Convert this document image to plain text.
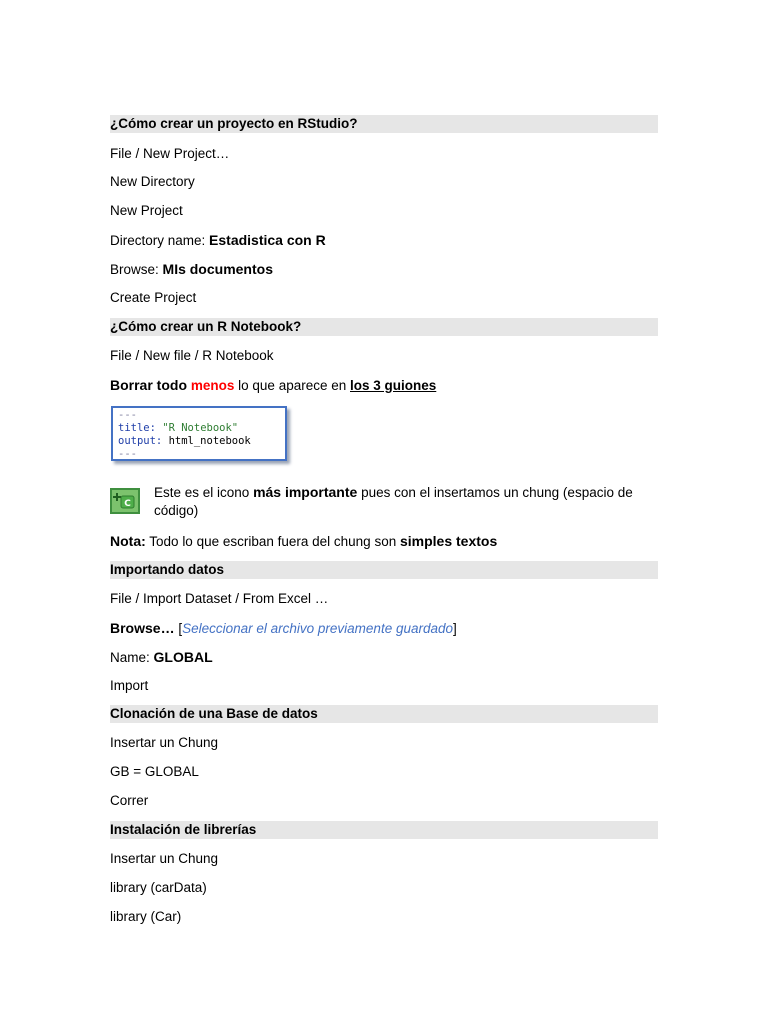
¿Cómo crear un proyecto en RStudio?
File / New Project…
New Directory
New Project
Directory name: Estadistica con R
Browse: MIs documentos
Create Project
¿Cómo crear un R Notebook?
File / New file / R Notebook
Borrar todo menos lo que aparece en los 3 guiones
---
title: "R Notebook"
output: html_notebook
---
C
Este es el icono más importante pues con el insertamos un chung (espacio de código)
Nota: Todo lo que escriban fuera del chung son simples textos
Importando datos
File / Import Dataset / From Excel …
Browse… [Seleccionar el archivo previamente guardado]
Name: GLOBAL
Import
Clonación de una Base de datos
Insertar un Chung
GB = GLOBAL
Correr
Instalación de librerías
Insertar un Chung
library (carData)
library (Car)
